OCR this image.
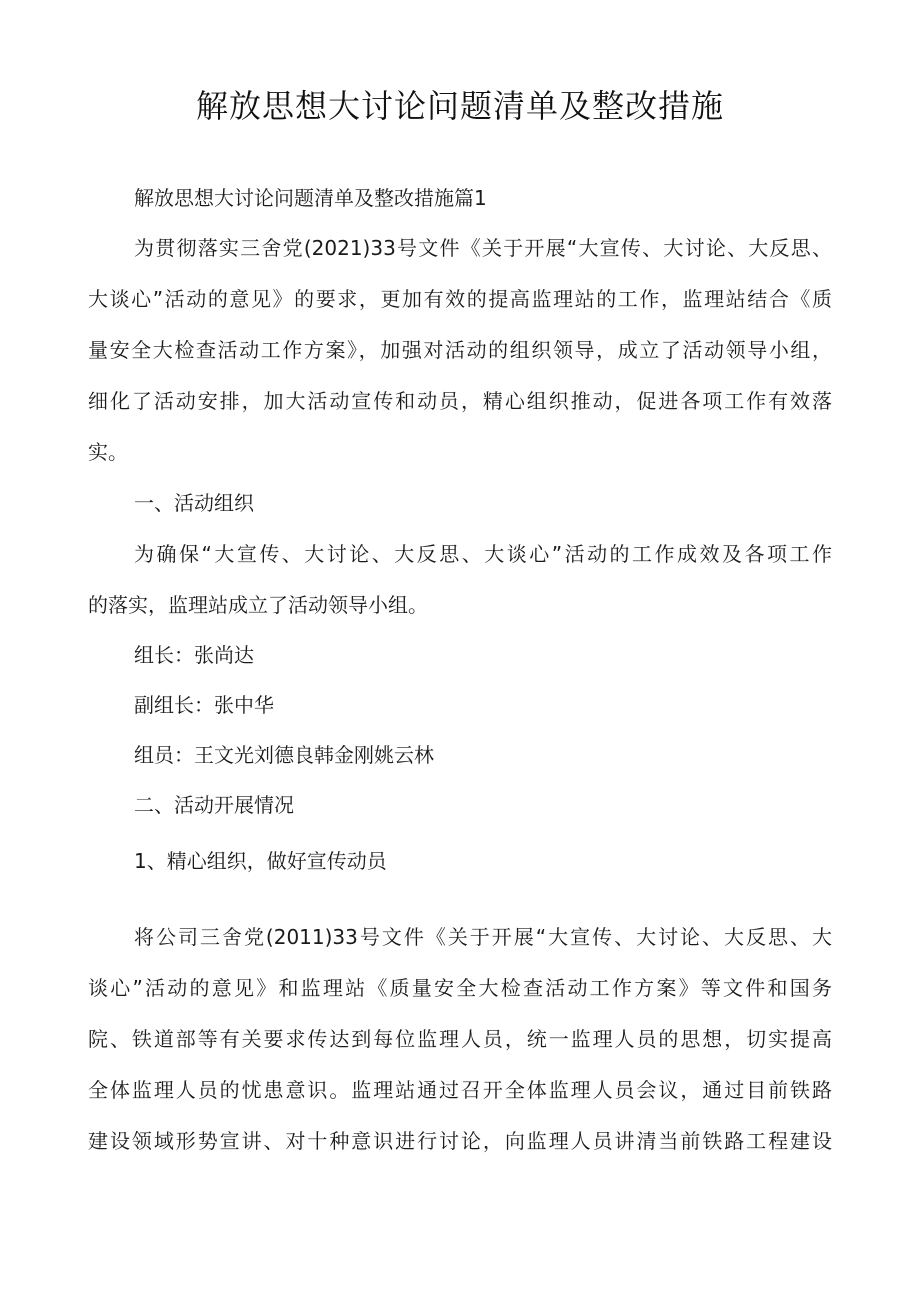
解放思想大讨论问题清单及整改措施
解放思想大讨论问题清单及整改措施篇1
为贯彻落实三舍党(2021)33号文件《关于开展“大宣传、大讨论、大反思、
大谈心”活动的意见》的要求，更加有效的提高监理站的工作，监理站结合《质
量安全大检查活动工作方案》，加强对活动的组织领导，成立了活动领导小组，
细化了活动安排，加大活动宣传和动员，精心组织推动，促进各项工作有效落
实。
一、活动组织
为确保“大宣传、大讨论、大反思、大谈心”活动的工作成效及各项工作
的落实，监理站成立了活动领导小组。
组长：张尚达
副组长：张中华
组员：王文光刘德良韩金刚姚云林
二、活动开展情况
1、精心组织，做好宣传动员
将公司三舍党(2011)33号文件《关于开展“大宣传、大讨论、大反思、大
谈心”活动的意见》和监理站《质量安全大检查活动工作方案》等文件和国务
院、铁道部等有关要求传达到每位监理人员，统一监理人员的思想，切实提高
全体监理人员的忧患意识。监理站通过召开全体监理人员会议，通过目前铁路
建设领域形势宣讲、对十种意识进行讨论，向监理人员讲清当前铁路工程建设
